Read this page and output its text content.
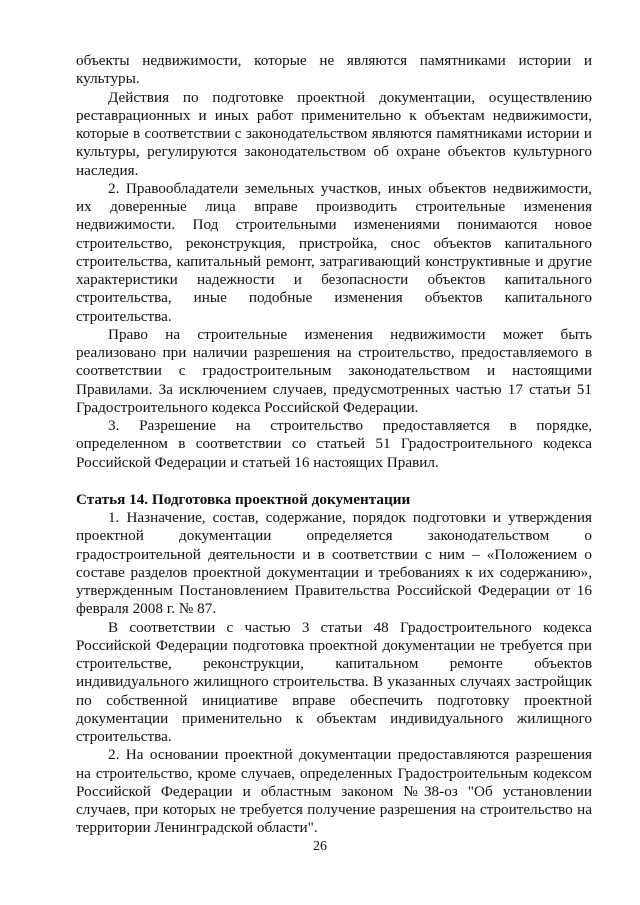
объекты недвижимости, которые не являются памятниками истории и культуры.

Действия по подготовке проектной документации, осуществлению реставрационных и иных работ применительно к объектам недвижимости, которые в соответствии с законодательством являются памятниками истории и культуры, регулируются законодательством об охране объектов культурного наследия.

2. Правообладатели земельных участков, иных объектов недвижимости, их доверенные лица вправе производить строительные изменения недвижимости. Под строительными изменениями понимаются новое строительство, реконструкция, пристройка, снос объектов капитального строительства, капитальный ремонт, затрагивающий конструктивные и другие характеристики надежности и безопасности объектов капитального строительства, иные подобные изменения объектов капитального строительства.

Право на строительные изменения недвижимости может быть реализовано при наличии разрешения на строительство, предоставляемого в соответствии с градостроительным законодательством и настоящими Правилами. За исключением случаев, предусмотренных частью 17 статьи 51 Градостроительного кодекса Российской Федерации.

3. Разрешение на строительство предоставляется в порядке, определенном в соответствии со статьей 51 Градостроительного кодекса Российской Федерации и статьей 16 настоящих Правил.

Статья 14. Подготовка проектной документации

1. Назначение, состав, содержание, порядок подготовки и утверждения проектной документации определяется законодательством о градостроительной деятельности и в соответствии с ним – «Положением о составе разделов проектной документации и требованиях к их содержанию», утвержденным Постановлением Правительства Российской Федерации от 16 февраля 2008 г. № 87.

В соответствии с частью 3 статьи 48 Градостроительного кодекса Российской Федерации подготовка проектной документации не требуется при строительстве, реконструкции, капитальном ремонте объектов индивидуального жилищного строительства. В указанных случаях застройщик по собственной инициативе вправе обеспечить подготовку проектной документации применительно к объектам индивидуального жилищного строительства.

2. На основании проектной документации предоставляются разрешения на строительство, кроме случаев, определенных Градостроительным кодексом Российской Федерации и областным законом №38-оз "Об установлении случаев, при которых не требуется получение разрешения на строительство на территории Ленинградской области".

26
